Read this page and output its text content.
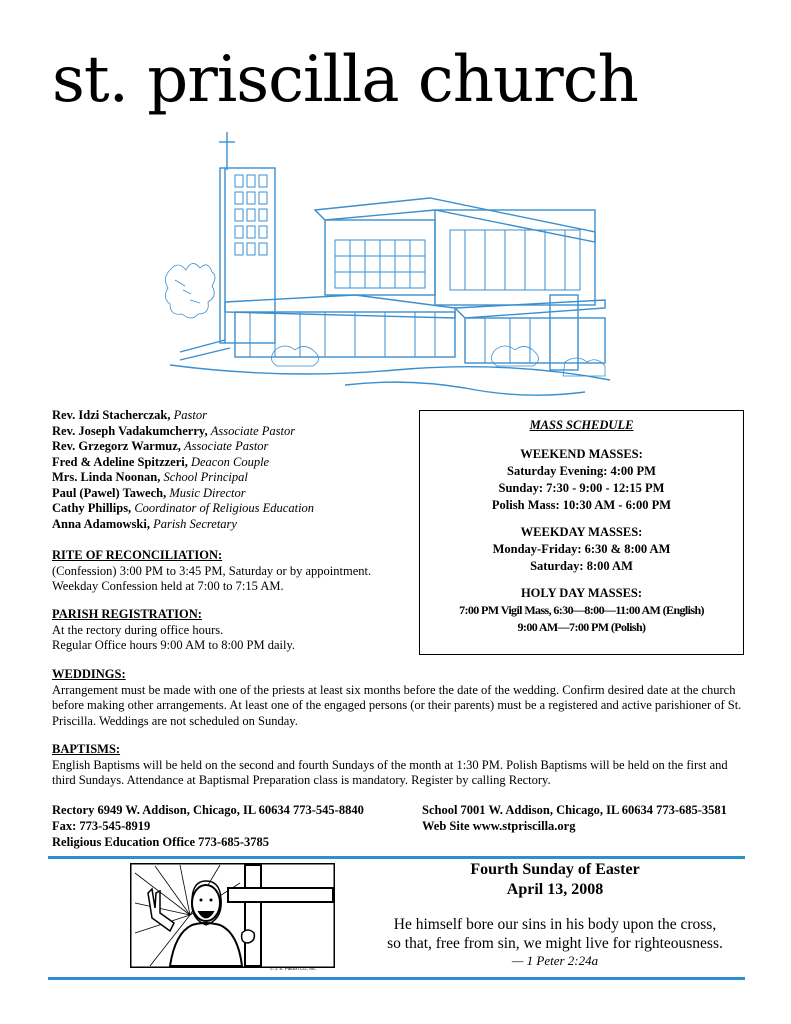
st. priscilla church
Rev. Idzi Stacherczak, Pastor
Rev. Joseph Vadakumcherry, Associate Pastor
Rev. Grzegorz Warmuz, Associate Pastor
Fred & Adeline Spitzzeri, Deacon Couple
Mrs. Linda Noonan, School Principal
Paul (Pawel) Tawech, Music Director
Cathy Phillips, Coordinator of Religious Education
Anna Adamowski, Parish Secretary
RITE OF RECONCILIATION:
(Confession) 3:00 PM to 3:45 PM, Saturday or by appointment.
Weekday Confession held at 7:00 to 7:15 AM.
PARISH REGISTRATION:
At the rectory during office hours.
Regular Office hours 9:00 AM to 8:00 PM daily.
MASS SCHEDULE
WEEKEND MASSES:
Saturday Evening: 4:00 PM
Sunday: 7:30 - 9:00 - 12:15 PM
Polish Mass: 10:30 AM - 6:00 PM
WEEKDAY MASSES:
Monday-Friday: 6:30 & 8:00 AM
Saturday: 8:00 AM
HOLY DAY MASSES:
7:00 PM Vigil Mass, 6:30—8:00—11:00 AM (English)
9:00 AM—7:00 PM (Polish)
WEDDINGS:
Arrangement must be made with one of the priests at least six months before the date of the wedding. Confirm desired date at the church before making other arrangements. At least one of the engaged persons (or their parents) must be a registered and active parishioner of St. Priscilla. Weddings are not scheduled on Sunday.
BAPTISMS:
English Baptisms will be held on the second and fourth Sundays of the month at 1:30 PM. Polish Baptisms will be held on the first and third Sundays. Attendance at Baptismal Preparation class is mandatory. Register by calling Rectory.
Rectory 6949 W. Addison, Chicago, IL 60634 773-545-8840
Fax: 773-545-8919
Religious Education Office 773-685-3785
School 7001 W. Addison, Chicago, IL 60634 773-685-3581
Web Site www.stpriscilla.org
© J. S. Paluch Co., Inc.
Fourth Sunday of Easter
April 13, 2008
He himself bore our sins in his body upon the cross,
so that, free from sin, we might live for righteousness.
— 1 Peter 2:24a
